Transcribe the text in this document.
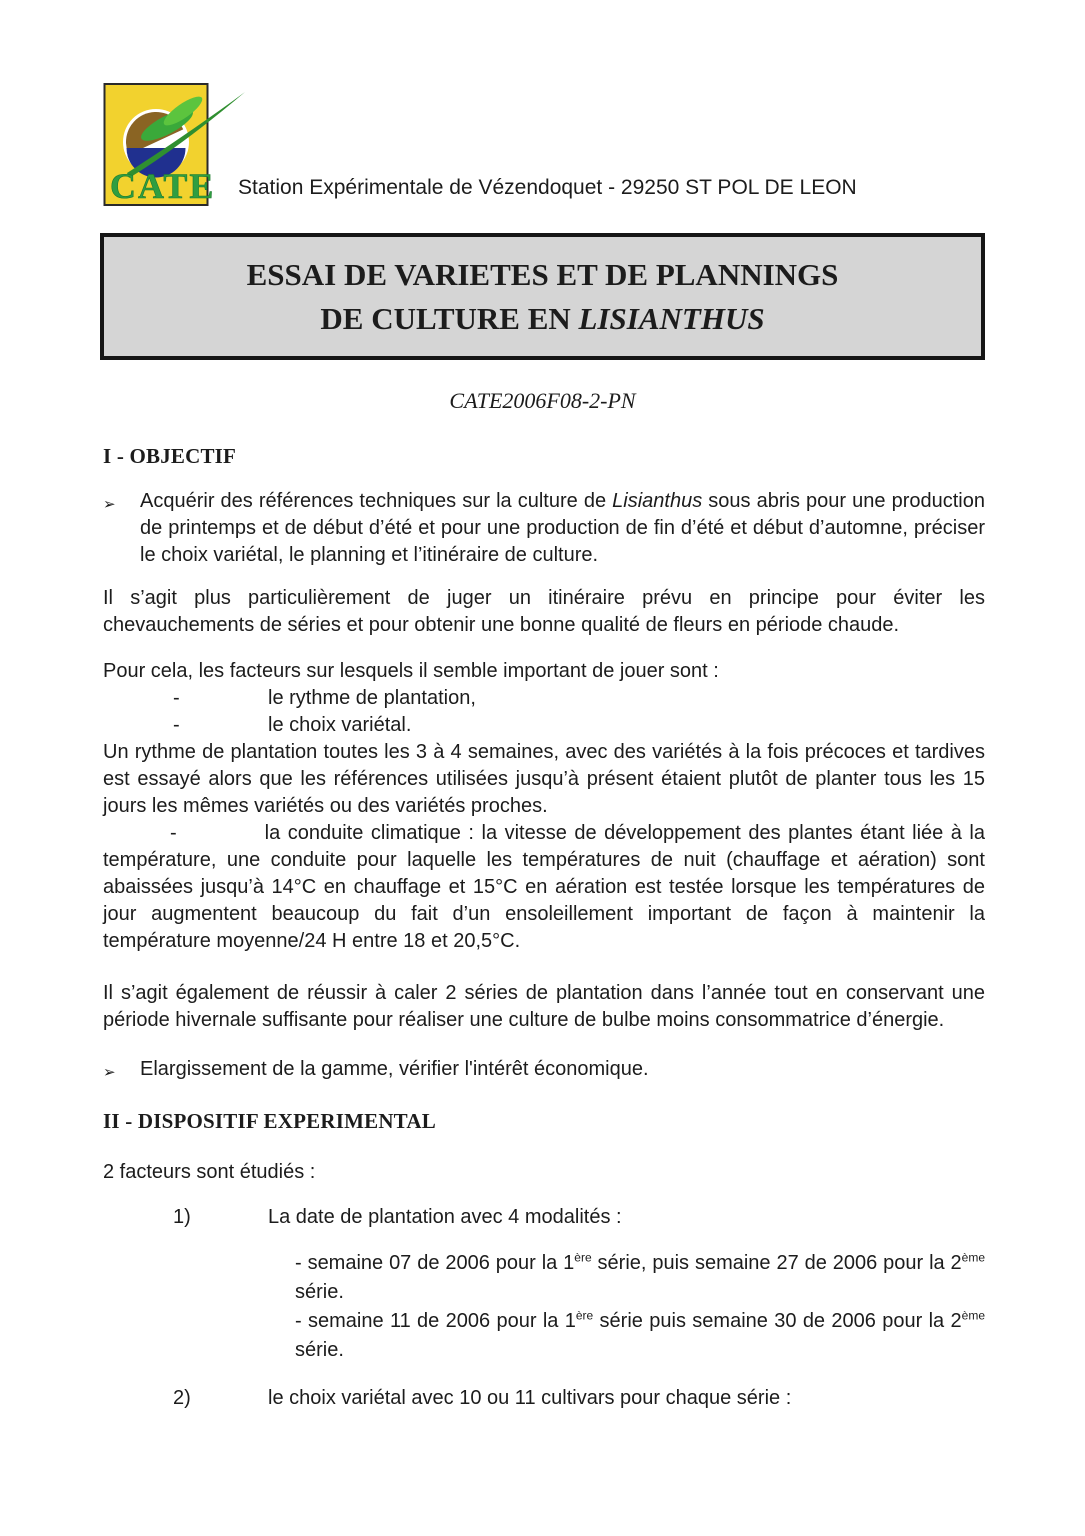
CATE Station Expérimentale de Vézendoquet - 29250 ST POL DE LEON
ESSAI DE VARIETES ET DE PLANNINGS
DE CULTURE EN LISIANTHUS
CATE2006F08-2-PN
I - OBJECTIF
➢	Acquérir des références techniques sur la culture de Lisianthus sous abris pour une production de printemps et de début d’été et pour une production de fin d’été et début d’automne, préciser le choix variétal, le planning et l’itinéraire de culture.

Il s’agit plus particulièrement de juger un itinéraire prévu en principe pour éviter les chevauchements de séries et pour obtenir une bonne qualité de fleurs en période chaude.

Pour cela, les facteurs sur lesquels il semble important de jouer sont :

-	le rythme de plantation,
-	le choix variétal.

Un rythme de plantation toutes les 3 à 4 semaines, avec des variétés à la fois précoces et tardives est essayé alors que les références utilisées jusqu’à présent étaient plutôt de planter tous les 15 jours les mêmes variétés ou des variétés proches.

-	la conduite climatique : la vitesse de développement des plantes étant liée à la température, une conduite pour laquelle les températures de nuit (chauffage et aération) sont abaissées jusqu’à 14°C en chauffage et 15°C en aération est testée lorsque les températures de jour augmentent beaucoup du fait d’un ensoleillement important de façon à maintenir la température moyenne/24 H entre 18 et 20,5°C.

Il s’agit également de réussir à caler 2 séries de plantation dans l’année tout en conservant une période hivernale suffisante pour réaliser une culture de bulbe moins consommatrice d’énergie.

➢	Elargissement de la gamme, vérifier l'intérêt économique.
II - DISPOSITIF EXPERIMENTAL

2 facteurs sont étudiés :

1)	La date de plantation avec 4 modalités :
- semaine 07 de 2006 pour la 1ère série, puis semaine 27 de 2006 pour la 2ème série.
- semaine 11 de 2006 pour la 1ère série puis semaine 30 de 2006 pour la 2ème série.
2)	le choix variétal avec 10 ou 11 cultivars pour chaque série :
